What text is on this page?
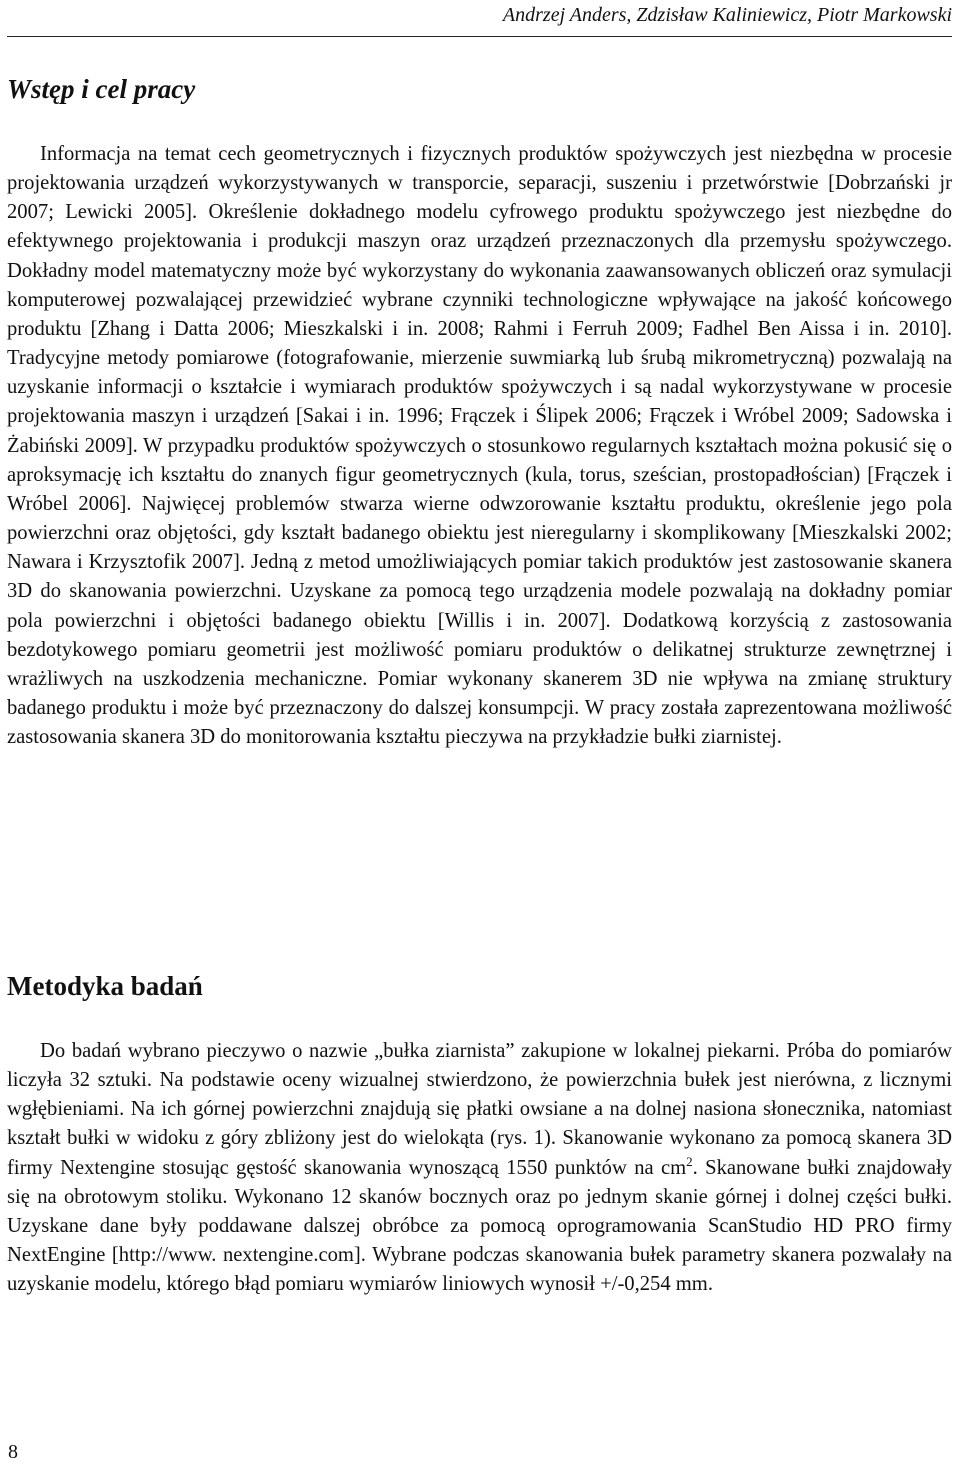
Andrzej Anders, Zdzisław Kaliniewicz, Piotr Markowski
Wstęp i cel pracy

Informacja na temat cech geometrycznych i fizycznych produktów spożywczych jest niezbędna w procesie projektowania urządzeń wykorzystywanych w transporcie, separacji, suszeniu i przetwórstwie [Dobrzański jr 2007; Lewicki 2005]. Określenie dokładnego modelu cyfrowego produktu spożywczego jest niezbędne do efektywnego projektowania i produkcji maszyn oraz urządzeń przeznaczonych dla przemysłu spożywczego. Dokładny model matematyczny może być wykorzystany do wykonania zaawansowanych obliczeń oraz symulacji komputerowej pozwalającej przewidzieć wybrane czynniki technologiczne wpływające na jakość końcowego produktu [Zhang i Datta 2006; Mieszkalski i in. 2008; Rahmi i Ferruh 2009; Fadhel Ben Aissa i in. 2010]. Tradycyjne metody pomiarowe (fotografowanie, mierzenie suwmiarką lub śrubą mikrometryczną) pozwalają na uzyskanie informacji o kształcie i wymiarach produktów spożywczych i są nadal wykorzystywane w procesie projektowania maszyn i urządzeń [Sakai i in. 1996; Frączek i Ślipek 2006; Frączek i Wróbel 2009; Sadowska i Żabiński 2009]. W przypadku produktów spożywczych o stosunkowo regularnych kształtach można pokusić się o aproksymację ich kształtu do znanych figur geometrycznych (kula, torus, sześcian, prostopadłościan) [Frączek i Wróbel 2006]. Najwięcej problemów stwarza wierne odwzorowanie kształtu produktu, określenie jego pola powierzchni oraz objętości, gdy kształt badanego obiektu jest nieregularny i skomplikowany [Mieszkalski 2002; Nawara i Krzysztofik 2007]. Jedną z metod umożliwiających pomiar takich produktów jest zastosowanie skanera 3D do skanowania powierzchni. Uzyskane za pomocą tego urządzenia modele pozwalają na dokładny pomiar pola powierzchni i objętości badanego obiektu [Willis i in. 2007]. Dodatkową korzyścią z zastosowania bezdotykowego pomiaru geometrii jest możliwość pomiaru produktów o delikatnej strukturze zewnętrznej i wrażliwych na uszkodzenia mechaniczne. Pomiar wykonany skanerem 3D nie wpływa na zmianę struktury badanego produktu i może być przeznaczony do dalszej konsumpcji. W pracy została zaprezentowana możliwość zastosowania skanera 3D do monitorowania kształtu pieczywa na przykładzie bułki ziarnistej.

Metodyka badań

Do badań wybrano pieczywo o nazwie „bułka ziarnista” zakupione w lokalnej piekarni. Próba do pomiarów liczyła 32 sztuki. Na podstawie oceny wizualnej stwierdzono, że powierzchnia bułek jest nierówna, z licznymi wgłębieniami. Na ich górnej powierzchni znajdują się płatki owsiane a na dolnej nasiona słonecznika, natomiast kształt bułki w widoku z góry zbliżony jest do wielokąta (rys. 1). Skanowanie wykonano za pomocą skanera 3D firmy Nextengine stosując gęstość skanowania wynoszącą 1550 punktów na $cm^2$. Skanowane bułki znajdowały się na obrotowym stoliku. Wykonano 12 skanów bocznych oraz po jednym skanie górnej i dolnej części bułki. Uzyskane dane były poddawane dalszej obróbce za pomocą oprogramowania ScanStudio HD PRO firmy NextEngine [http://www. nextengine.com]. Wybrane podczas skanowania bułek parametry skanera pozwalały na uzyskanie modelu, którego błąd pomiaru wymiarów liniowych wynosił +/-0,254 mm.

8
